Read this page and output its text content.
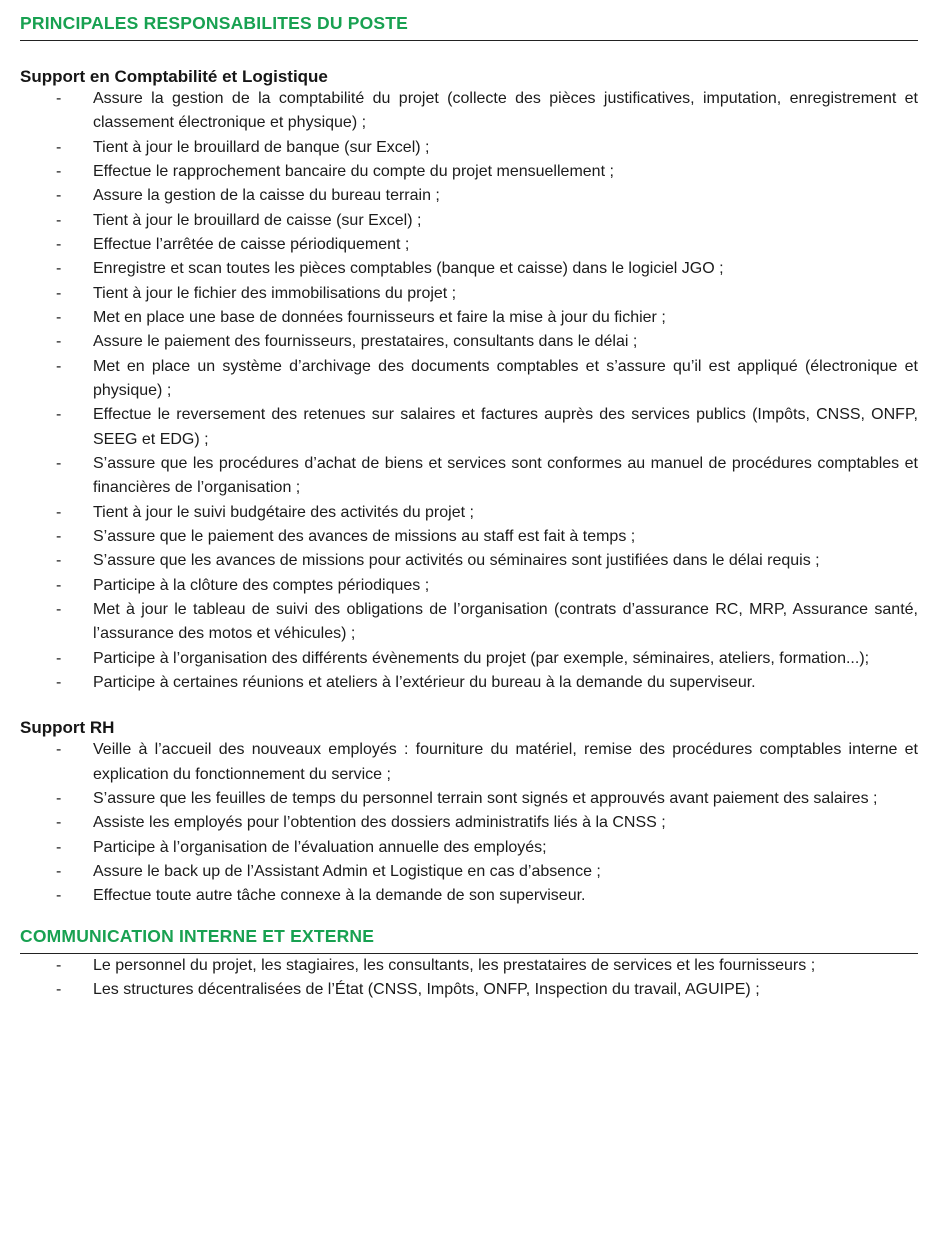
PRINCIPALES RESPONSABILITES DU POSTE
Support en Comptabilité et Logistique
- Assure la gestion de la comptabilité du projet (collecte des pièces justificatives, imputation, enregistrement et classement électronique et physique) ;
- Tient à jour le brouillard de banque (sur Excel) ;
- Effectue le rapprochement bancaire du compte du projet mensuellement ;
- Assure la gestion de la caisse du bureau terrain ;
- Tient à jour le brouillard de caisse (sur Excel) ;
- Effectue l’arrêtée de caisse périodiquement ;
- Enregistre et scan toutes les pièces comptables (banque et caisse) dans le logiciel JGO ;
- Tient à jour le fichier des immobilisations du projet ;
- Met en place une base de données fournisseurs et faire la mise à jour du fichier ;
- Assure le paiement des fournisseurs, prestataires, consultants dans le délai ;
- Met en place un système d’archivage des documents comptables et s’assure qu’il est appliqué (électronique et physique) ;
- Effectue le reversement des retenues sur salaires et factures auprès des services publics (Impôts, CNSS, ONFP, SEEG et EDG) ;
- S’assure que les procédures d’achat de biens et services sont conformes au manuel de procédures comptables et financières de l’organisation ;
- Tient à jour le suivi budgétaire des activités du projet ;
- S’assure que le paiement des avances de missions au staff est fait à temps ;
- S’assure que les avances de missions pour activités ou séminaires sont justifiées dans le délai requis ;
- Participe à la clôture des comptes périodiques ;
- Met à jour le tableau de suivi des obligations de l’organisation (contrats d’assurance RC, MRP, Assurance santé, l’assurance des motos et véhicules) ;
- Participe à l’organisation des différents évènements du projet (par exemple, séminaires, ateliers, formation...);
- Participe à certaines réunions et ateliers à l’extérieur du bureau à la demande du superviseur.
Support RH
- Veille à l’accueil des nouveaux employés : fourniture du matériel, remise des procédures comptables interne et explication du fonctionnement du service ;
- S’assure que les feuilles de temps du personnel terrain sont signés et approuvés avant paiement des salaires ;
- Assiste les employés pour l’obtention des dossiers administratifs liés à la CNSS ;
- Participe à l’organisation de l’évaluation annuelle des employés;
- Assure le back up de l’Assistant Admin et Logistique en cas d’absence ;
- Effectue toute autre tâche connexe à la demande de son superviseur.
COMMUNICATION INTERNE ET EXTERNE
- Le personnel du projet, les stagiaires, les consultants, les prestataires de services et les fournisseurs ;
- Les structures décentralisées de l’État (CNSS, Impôts, ONFP, Inspection du travail, AGUIPE) ;
